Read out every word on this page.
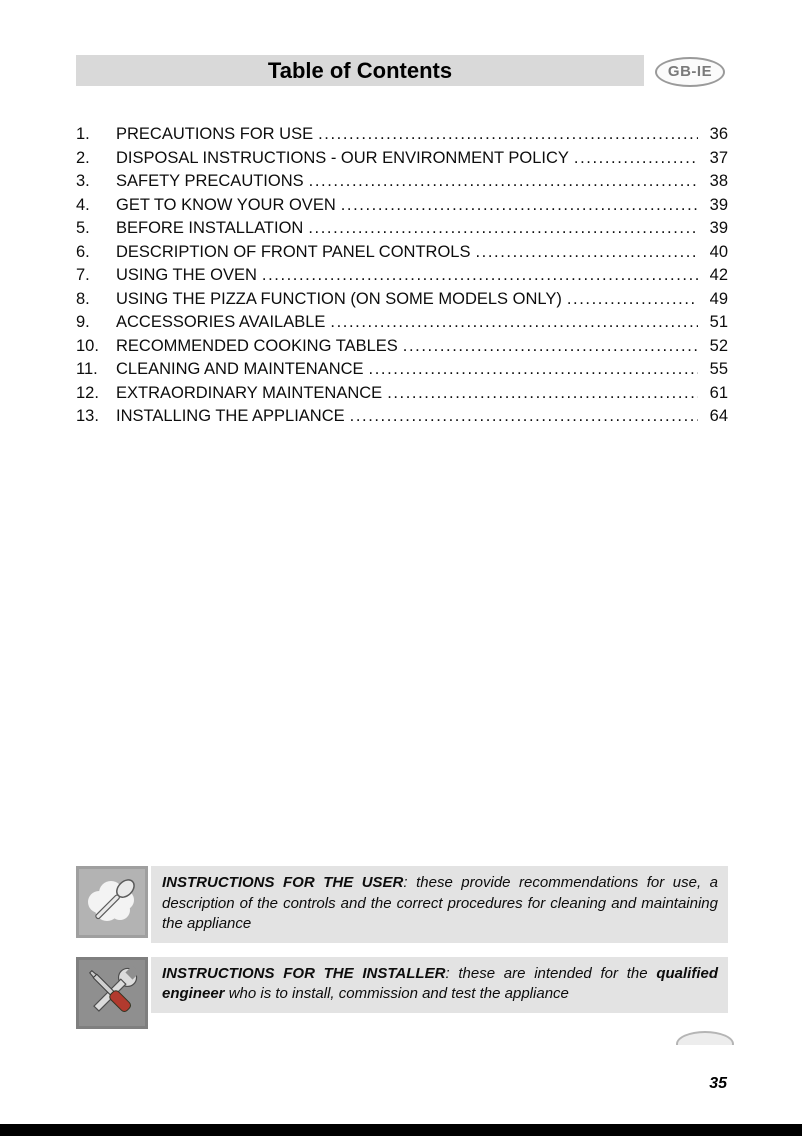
Table of Contents	GB-IE
1.	PRECAUTIONS FOR USE .....	36
2.	DISPOSAL INSTRUCTIONS - OUR ENVIRONMENT POLICY .....	37
3.	SAFETY PRECAUTIONS .....	38
4.	GET TO KNOW YOUR OVEN .....	39
5.	BEFORE INSTALLATION .....	39
6.	DESCRIPTION OF FRONT PANEL CONTROLS .....	40
7.	USING THE OVEN .....	42
8.	USING THE PIZZA FUNCTION (ON SOME MODELS ONLY) .....	49
9.	ACCESSORIES AVAILABLE .....	51
10.	RECOMMENDED COOKING TABLES .....	52
11.	CLEANING AND MAINTENANCE .....	55
12.	EXTRAORDINARY MAINTENANCE .....	61
13.	INSTALLING THE APPLIANCE .....	64
INSTRUCTIONS FOR THE USER: these provide recommendations for use, a description of the controls and the correct procedures for cleaning and maintaining the appliance
INSTRUCTIONS FOR THE INSTALLER: these are intended for the qualified engineer who is to install, commission and test the appliance
35
